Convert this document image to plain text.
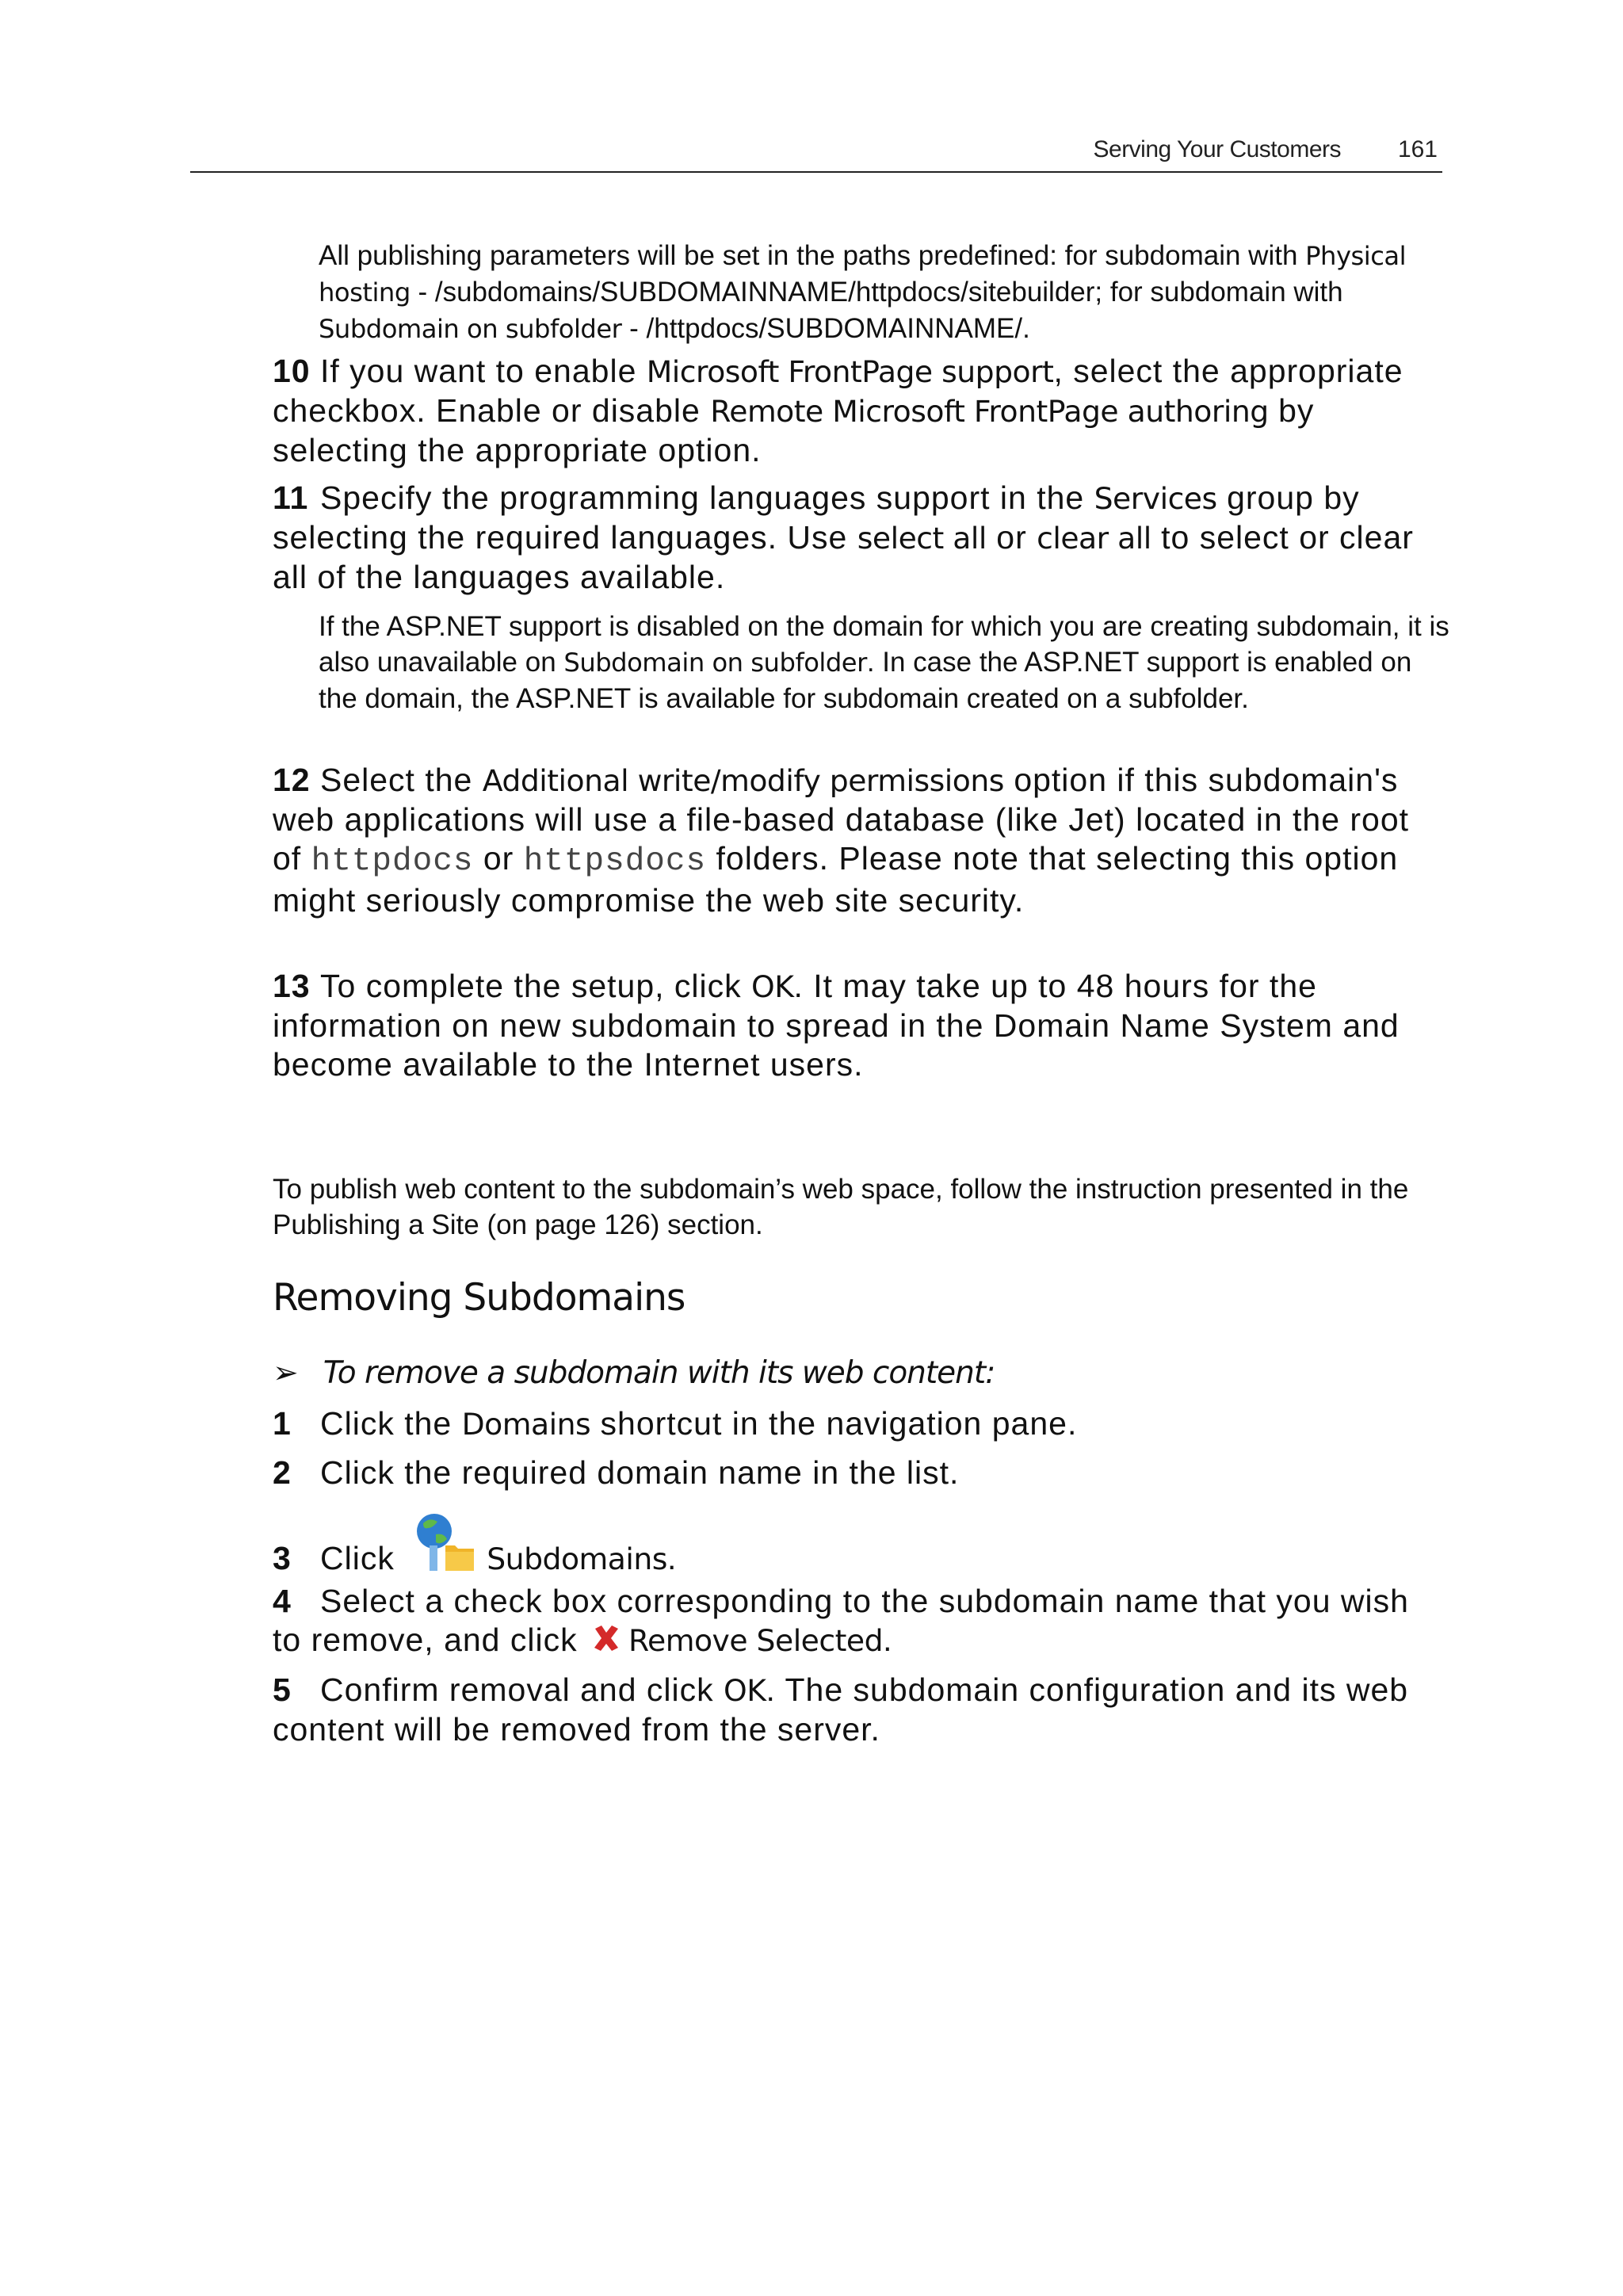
Serving Your Customers 161
All publishing parameters will be set in the paths predefined: for subdomain with Physical hosting - /subdomains/SUBDOMAINNAME/httpdocs/sitebuilder; for subdomain with Subdomain on subfolder - /httpdocs/SUBDOMAINNAME/.
10 If you want to enable Microsoft FrontPage support, select the appropriate checkbox. Enable or disable Remote Microsoft FrontPage authoring by selecting the appropriate option.
11 Specify the programming languages support in the Services group by selecting the required languages. Use select all or clear all to select or clear all of the languages available.
If the ASP.NET support is disabled on the domain for which you are creating subdomain, it is also unavailable on Subdomain on subfolder. In case the ASP.NET support is enabled on the domain, the ASP.NET is available for subdomain created on a subfolder.
12 Select the Additional write/modify permissions option if this subdomain's web applications will use a file-based database (like Jet) located in the root of httpdocs or httpsdocs folders. Please note that selecting this option might seriously compromise the web site security.
13 To complete the setup, click OK. It may take up to 48 hours for the information on new subdomain to spread in the Domain Name System and become available to the Internet users.
To publish web content to the subdomain’s web space, follow the instruction presented in the Publishing a Site (on page 126) section.
Removing Subdomains
➢ To remove a subdomain with its web content:
1 Click the Domains shortcut in the navigation pane.
2 Click the required domain name in the list.
3 Click	Subdomains.
4 Select a check box corresponding to the subdomain name that you wish to remove, and click Remove Selected.
5 Confirm removal and click OK. The subdomain configuration and its web content will be removed from the server.
